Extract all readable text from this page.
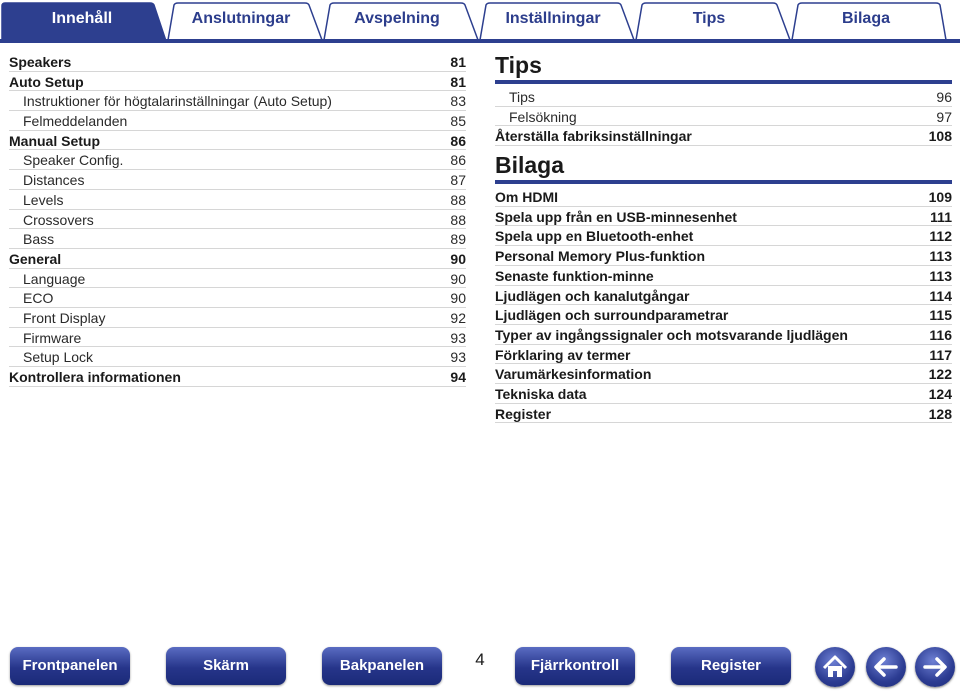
Innehåll	Anslutningar	Avspelning	Inställningar	Tips	Bilaga
Speakers	81
Auto Setup	81
Instruktioner för högtalarinställningar (Auto Setup)	83
Felmeddelanden	85
Manual Setup	86
Speaker Config.	86
Distances	87
Levels	88
Crossovers	88
Bass	89
General	90
Language	90
ECO	90
Front Display	92
Firmware	93
Setup Lock	93
Kontrollera informationen	94
Tips
Tips	96
Felsökning	97
Återställa fabriksinställningar	108
Bilaga
Om HDMI	109
Spela upp från en USB-minnesenhet	111
Spela upp en Bluetooth-enhet	112
Personal Memory Plus-funktion	113
Senaste funktion-minne	113
Ljudlägen och kanalutgångar	114
Ljudlägen och surroundparametrar	115
Typer av ingångssignaler och motsvarande ljudlägen	116
Förklaring av termer	117
Varumärkesinformation	122
Tekniska data	124
Register	128
Frontpanelen	Skärm	Bakpanelen	4	Fjärrkontroll	Register
